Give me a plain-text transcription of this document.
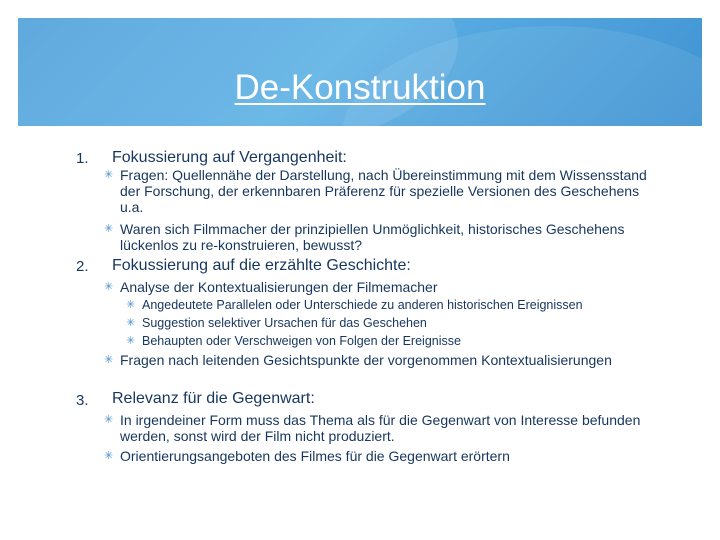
De-Konstruktion
1. Fokussierung auf Vergangenheit:
✳ Fragen: Quellennähe der Darstellung, nach Übereinstimmung mit dem Wissensstand der Forschung, der erkennbaren Präferenz für spezielle Versionen des Geschehens u.a.
✳ Waren sich Filmmacher der prinzipiellen Unmöglichkeit, historisches Geschehens lückenlos zu re-konstruieren, bewusst?
2. Fokussierung auf die erzählte Geschichte:
✳ Analyse der Kontextualisierungen der Filmemacher
✳ Angedeutete Parallelen oder Unterschiede zu anderen historischen Ereignissen
✳ Suggestion selektiver Ursachen für das Geschehen
✳ Behaupten oder Verschweigen von Folgen der Ereignisse
✳ Fragen nach leitenden Gesichtspunkte der vorgenommen Kontextualisierungen
3. Relevanz für die Gegenwart:
✳ In irgendeiner Form muss das Thema als für die Gegenwart von Interesse befunden werden, sonst wird der Film nicht produziert.
✳ Orientierungsangeboten des Filmes für die Gegenwart erörtern
